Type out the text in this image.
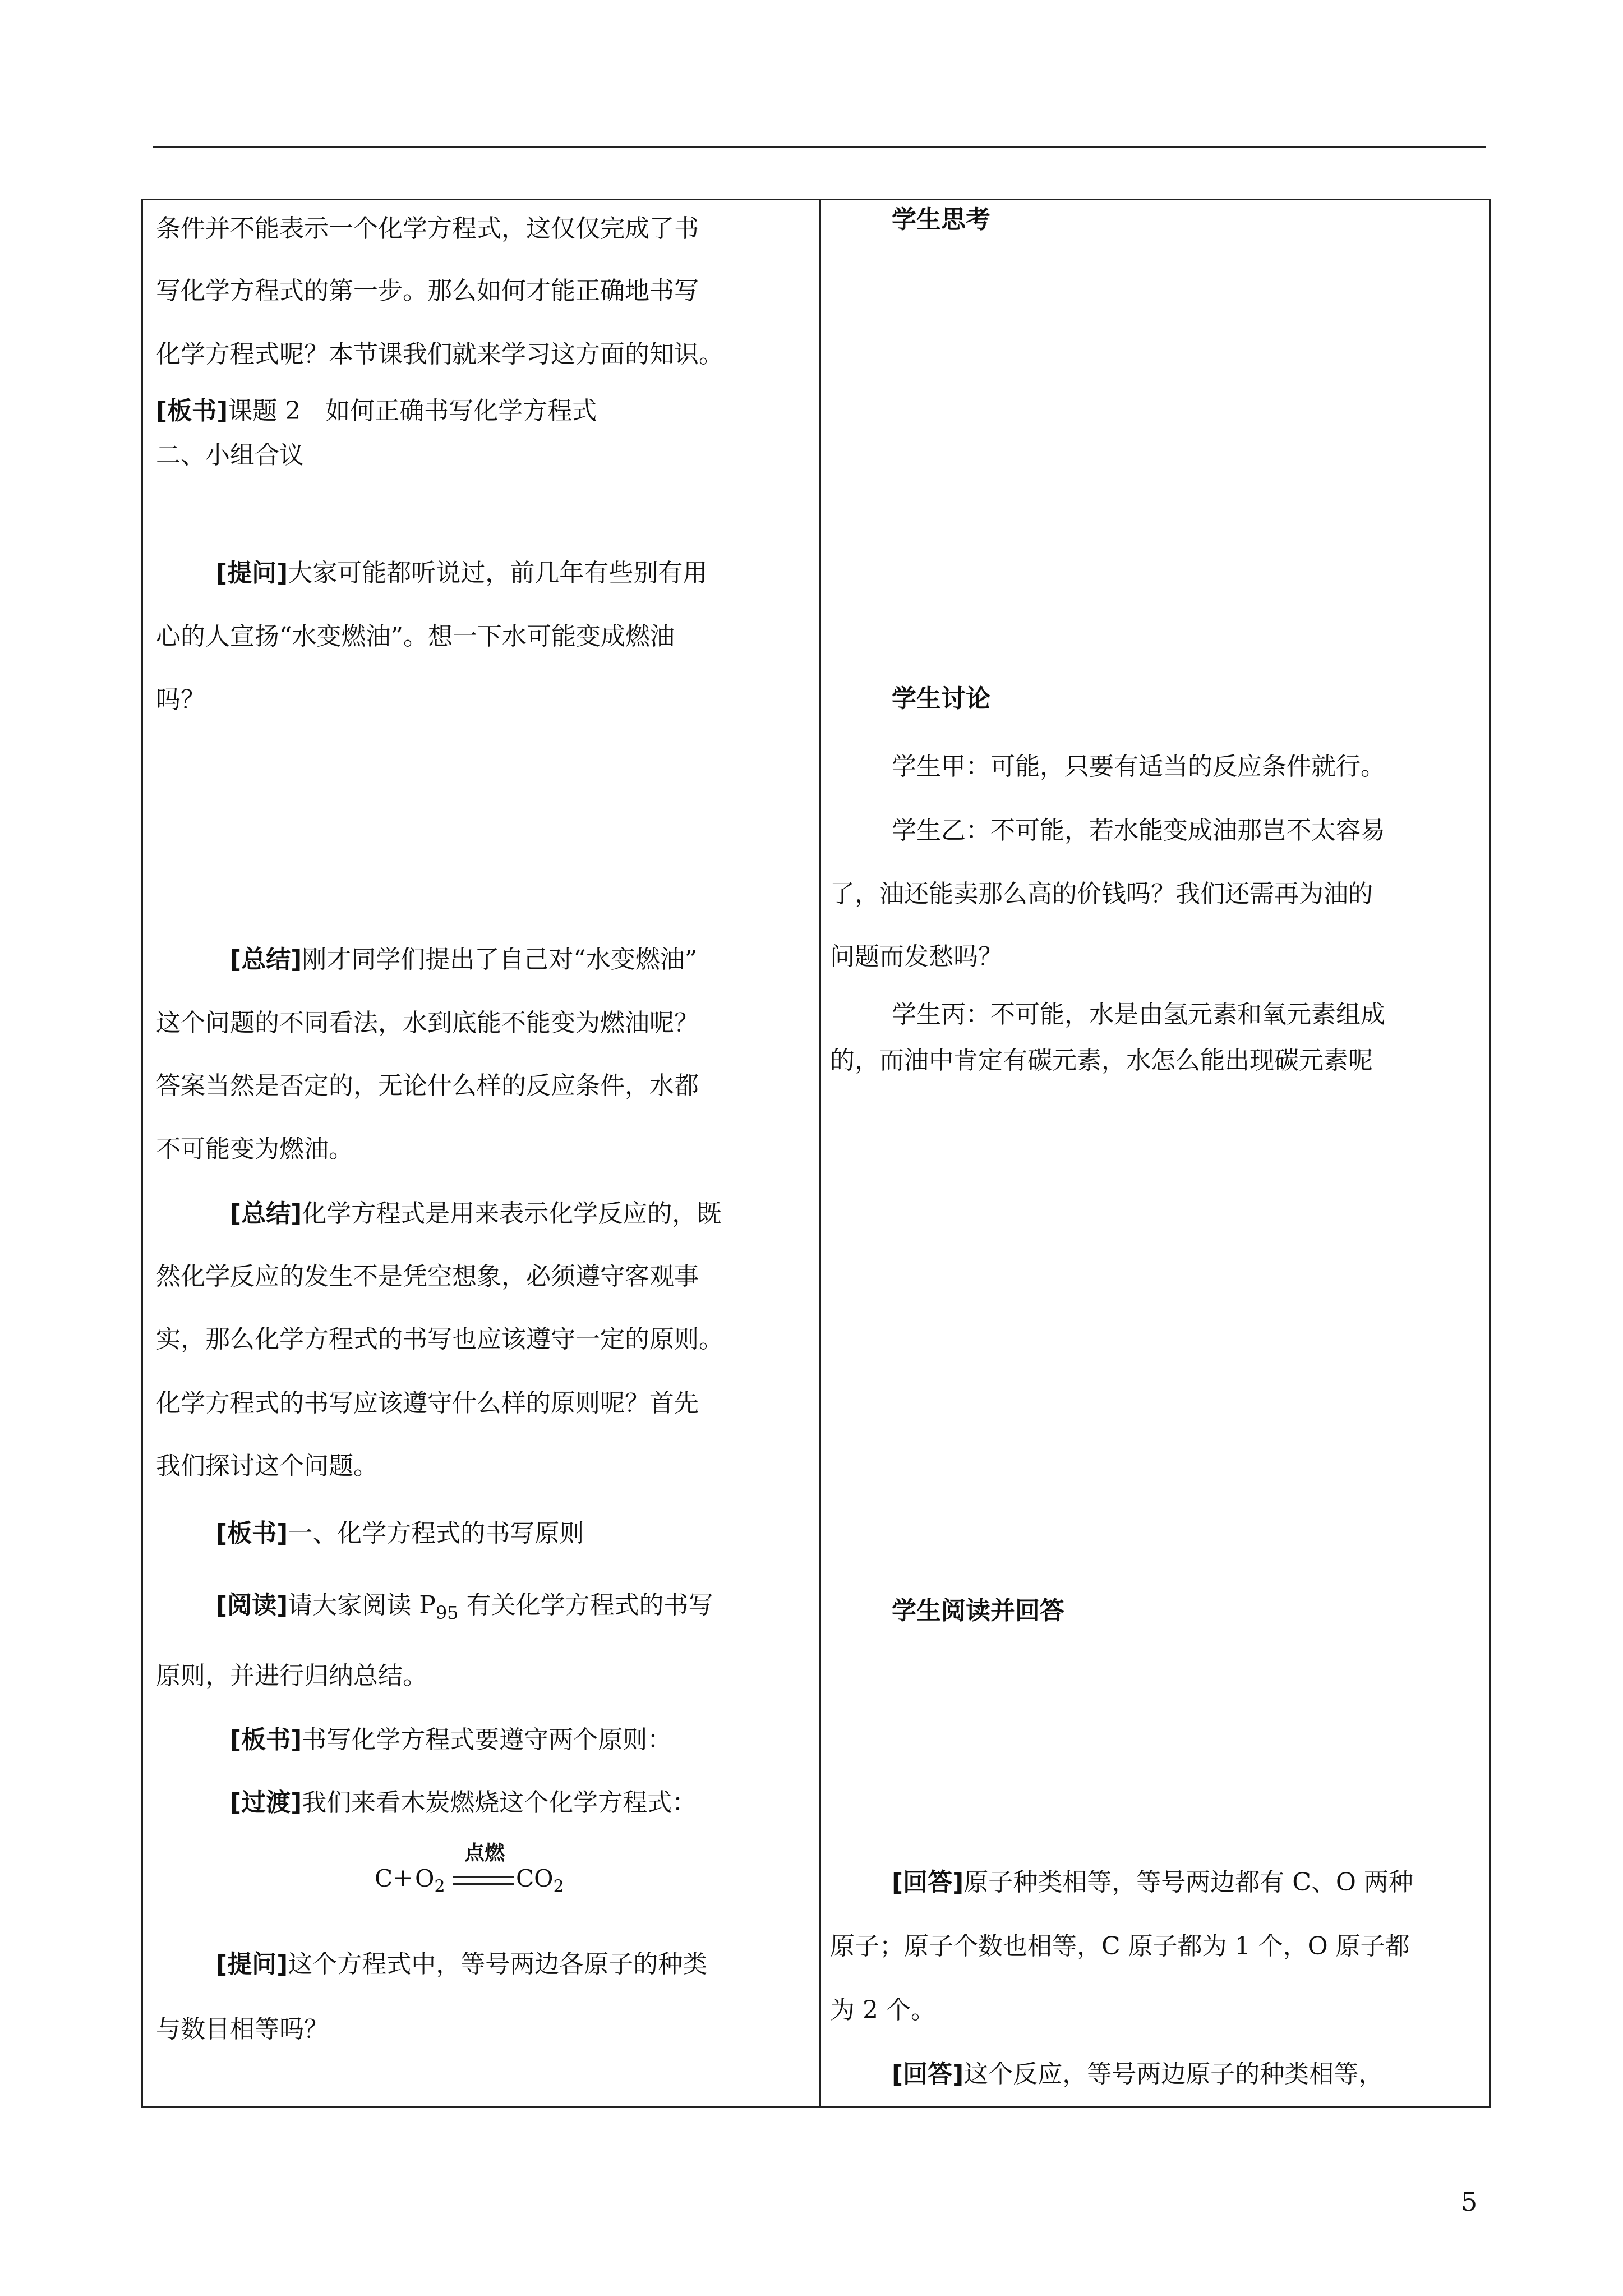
条件并不能表示一个化学方程式，这仅仅完成了书
写化学方程式的第一步。那么如何才能正确地书写
化学方程式呢？本节课我们就来学习这方面的知识。
[板书]课题 2　如何正确书写化学方程式
二、小组合议
[提问]大家可能都听说过，前几年有些别有用
心的人宣扬“水变燃油”。想一下水可能变成燃油
吗？
[总结]刚才同学们提出了自己对“水变燃油”
这个问题的不同看法，水到底能不能变为燃油呢？
答案当然是否定的，无论什么样的反应条件，水都
不可能变为燃油。
[总结]化学方程式是用来表示化学反应的，既
然化学反应的发生不是凭空想象，必须遵守客观事
实，那么化学方程式的书写也应该遵守一定的原则。
化学方程式的书写应该遵守什么样的原则呢？首先
我们探讨这个问题。
[板书]一、化学方程式的书写原则
[阅读]请大家阅读 $P_{95}$ 有关化学方程式的书写
原则，并进行归纳总结。
[板书]书写化学方程式要遵守两个原则：
[过渡]我们来看木炭燃烧这个化学方程式：
$C + O_2$
点燃
$CO_2$
[提问]这个方程式中，等号两边各原子的种类
与数目相等吗？
学生思考
学生讨论
学生甲：可能，只要有适当的反应条件就行。
学生乙：不可能，若水能变成油那岂不太容易
了，油还能卖那么高的价钱吗？我们还需再为油的
问题而发愁吗？
学生丙：不可能，水是由氢元素和氧元素组成
的，而油中肯定有碳元素，水怎么能出现碳元素呢
学生阅读并回答
[回答]原子种类相等，等号两边都有 C、O 两种
原子；原子个数也相等，C 原子都为 1 个，O 原子都
为 2 个。
[回答]这个反应，等号两边原子的种类相等，
5
